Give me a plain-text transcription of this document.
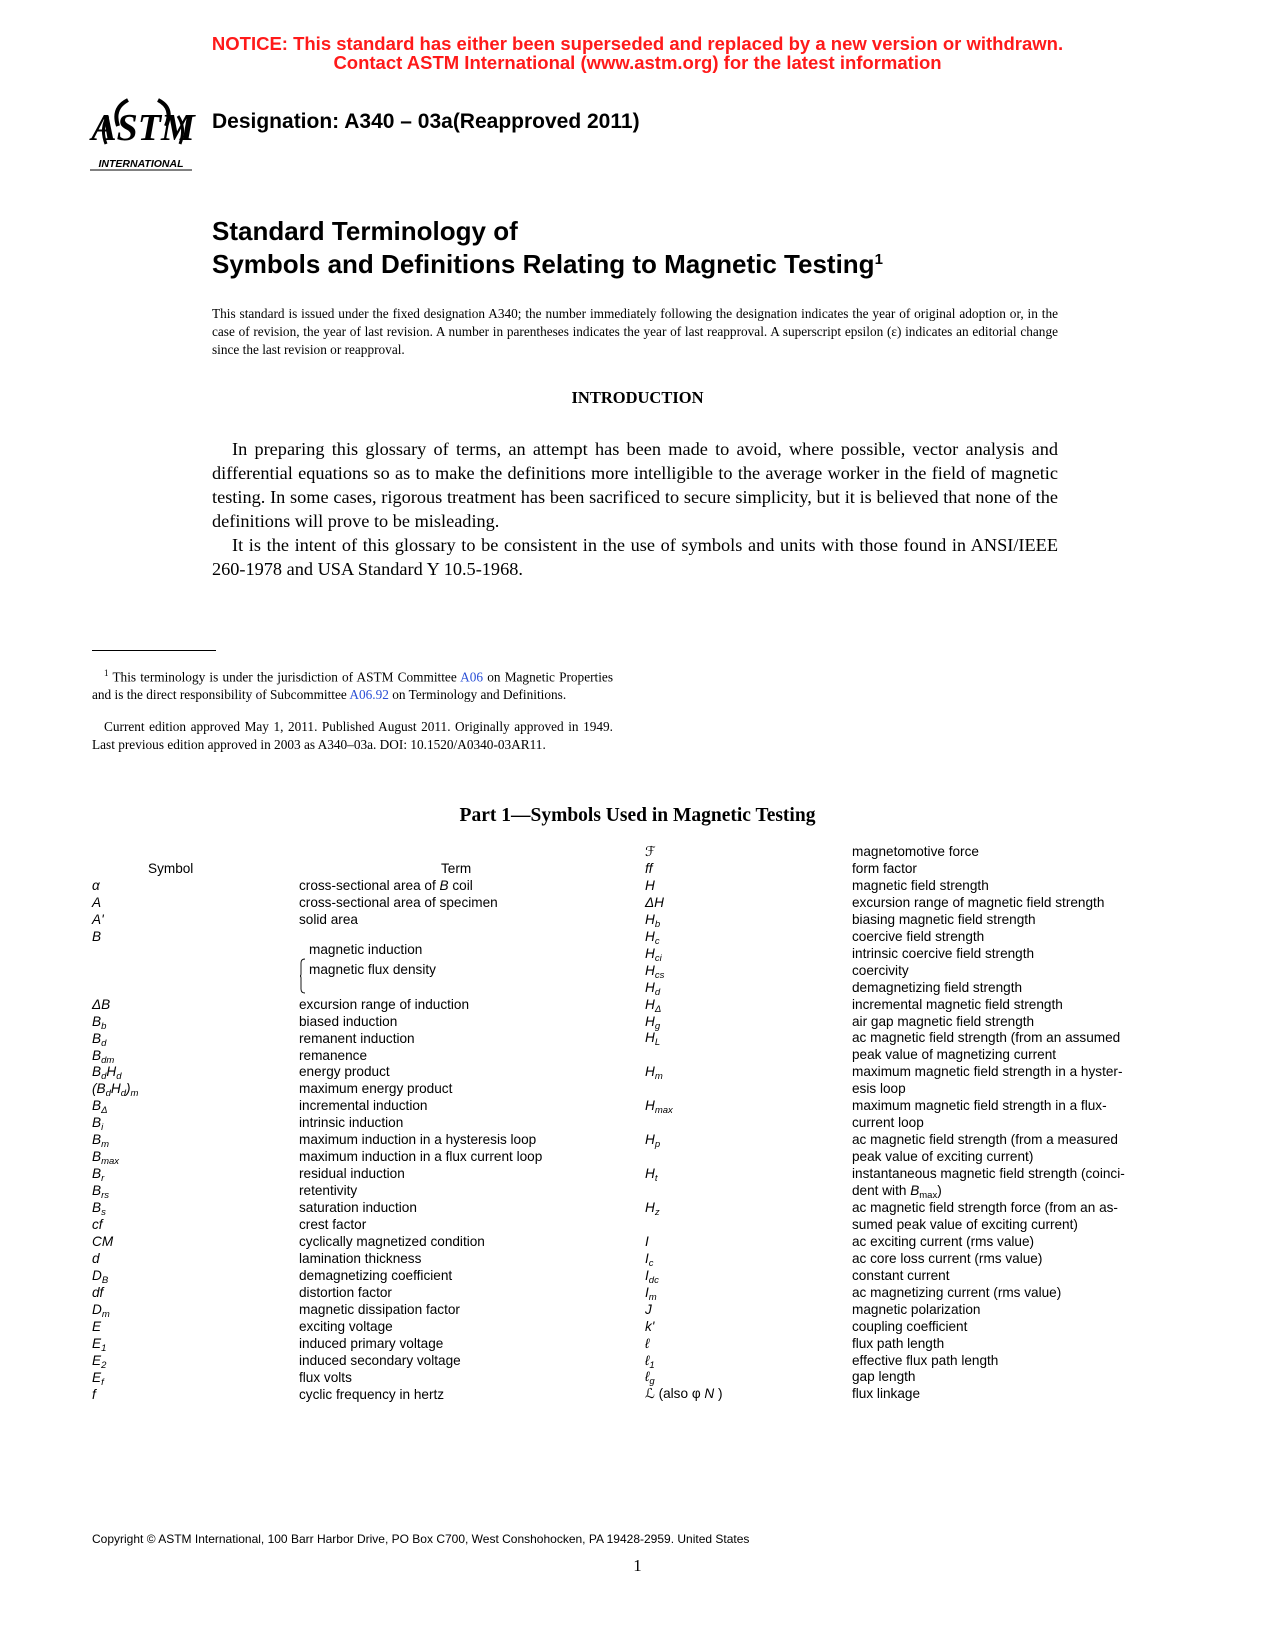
NOTICE: This standard has either been superseded and replaced by a new version or withdrawn.
Contact ASTM International (www.astm.org) for the latest information
ASTM
INTERNATIONAL
Designation: A340 – 03a(Reapproved 2011)
Standard Terminology of
Symbols and Definitions Relating to Magnetic Testing$^1$
This standard is issued under the fixed designation A340; the number immediately following the designation indicates the year of original adoption or, in the case of revision, the year of last revision. A number in parentheses indicates the year of last reapproval. A superscript epsilon (ε) indicates an editorial change since the last revision or reapproval.
INTRODUCTION
In preparing this glossary of terms, an attempt has been made to avoid, where possible, vector analysis and differential equations so as to make the definitions more intelligible to the average worker in the field of magnetic testing. In some cases, rigorous treatment has been sacrificed to secure simplicity, but it is believed that none of the definitions will prove to be misleading.
It is the intent of this glossary to be consistent in the use of symbols and units with those found in ANSI/IEEE 260-1978 and USA Standard Y 10.5-1968.
$^1$ This terminology is under the jurisdiction of ASTM Committee A06 on Magnetic Properties and is the direct responsibility of Subcommittee A06.92 on Terminology and Definitions.
Current edition approved May 1, 2011. Published August 2011. Originally approved in 1949. Last previous edition approved in 2003 as A340–03a. DOI: 10.1520/A0340-03AR11.
Part 1—Symbols Used in Magnetic Testing
Symbol	Term
α	cross-sectional area of B coil
A	cross-sectional area of specimen
A'	solid area
B
magnetic induction
magnetic flux density
ΔB	excursion range of induction
$B_b$	biased induction
$B_d$	remanent induction
$B_{dm}$	remanence
$B_dH_d$	energy product
$(B_dH_d)_m$	maximum energy product
$B_\Delta$	incremental induction
$B_i$	intrinsic induction
$B_m$	maximum induction in a hysteresis loop
$B_{max}$	maximum induction in a flux current loop
$B_r$	residual induction
$B_{rs}$	retentivity
$B_s$	saturation induction
cf	crest factor
CM	cyclically magnetized condition
d	lamination thickness
$D_B$	demagnetizing coefficient
df	distortion factor
$D_m$	magnetic dissipation factor
E	exciting voltage
$E_1$	induced primary voltage
$E_2$	induced secondary voltage
$E_f$	flux volts
f	cyclic frequency in hertz
ℱ	magnetomotive force
ff	form factor
H	magnetic field strength
ΔH	excursion range of magnetic field strength
$H_b$	biasing magnetic field strength
$H_c$	coercive field strength
$H_{ci}$	intrinsic coercive field strength
$H_{cs}$	coercivity
$H_d$	demagnetizing field strength
$H_\Delta$	incremental magnetic field strength
$H_g$	air gap magnetic field strength
$H_L$	ac magnetic field strength (from an assumed
peak value of magnetizing current
$H_m$	maximum magnetic field strength in a hyster-
esis loop
$H_{max}$	maximum magnetic field strength in a flux-
current loop
$H_p$	ac magnetic field strength (from a measured
peak value of exciting current)
$H_t$	instantaneous magnetic field strength (coinci-
dent with $B_{max}$)
$H_z$	ac magnetic field strength force (from an as-
sumed peak value of exciting current)
I	ac exciting current (rms value)
$I_c$	ac core loss current (rms value)
$I_{dc}$	constant current
$I_m$	ac magnetizing current (rms value)
J	magnetic polarization
k'	coupling coefficient
ℓ	flux path length
ℓ$_1$	effective flux path length
ℓ$_g$	gap length
ℒ (also φ N )	flux linkage
Copyright © ASTM International, 100 Barr Harbor Drive, PO Box C700, West Conshohocken, PA 19428-2959. United States
1
